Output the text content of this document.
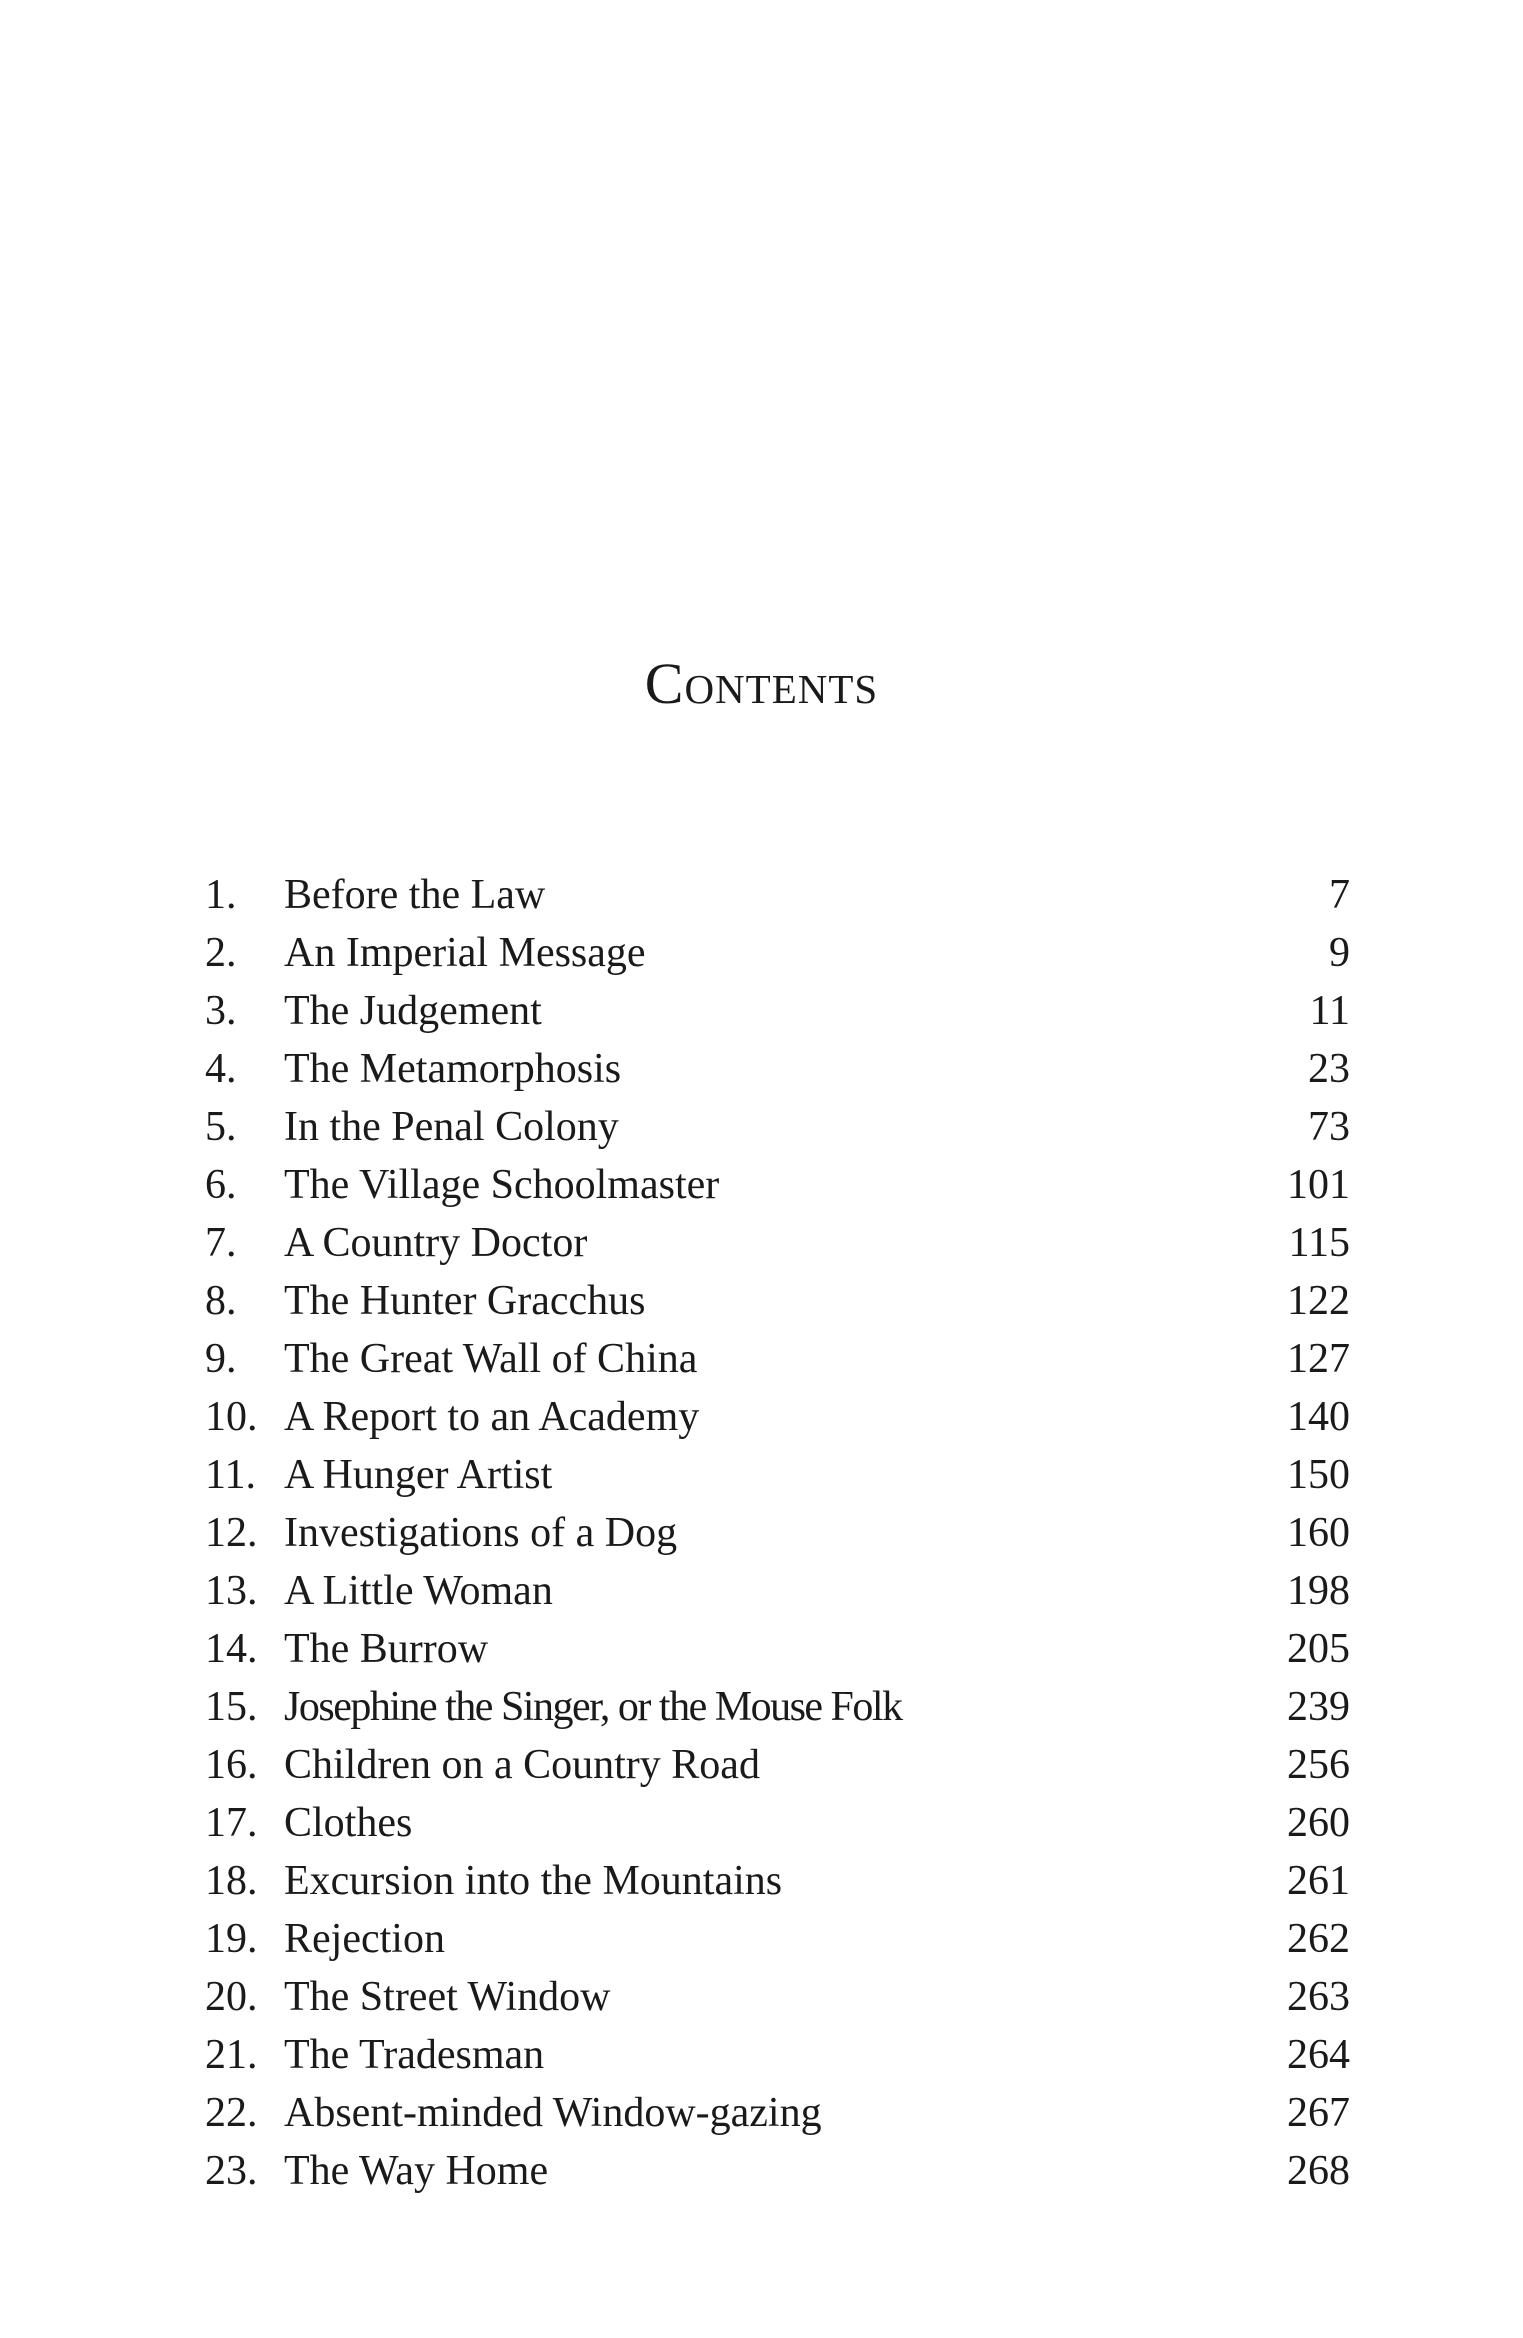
Contents
1.	Before the Law	7
2.	An Imperial Message	9
3.	The Judgement	11
4.	The Metamorphosis	23
5.	In the Penal Colony	73
6.	The Village Schoolmaster	101
7.	A Country Doctor	115
8.	The Hunter Gracchus	122
9.	The Great Wall of China	127
10. A Report to an Academy	140
11. A Hunger Artist	150
12. Investigations of a Dog	160
13. A Little Woman	198
14. The Burrow	205
15. Josephine the Singer, or the Mouse Folk	239
16. Children on a Country Road	256
17. Clothes	260
18. Excursion into the Mountains	261
19. Rejection	262
20. The Street Window	263
21. The Tradesman	264
22. Absent-minded Window-gazing	267
23. The Way Home	268
